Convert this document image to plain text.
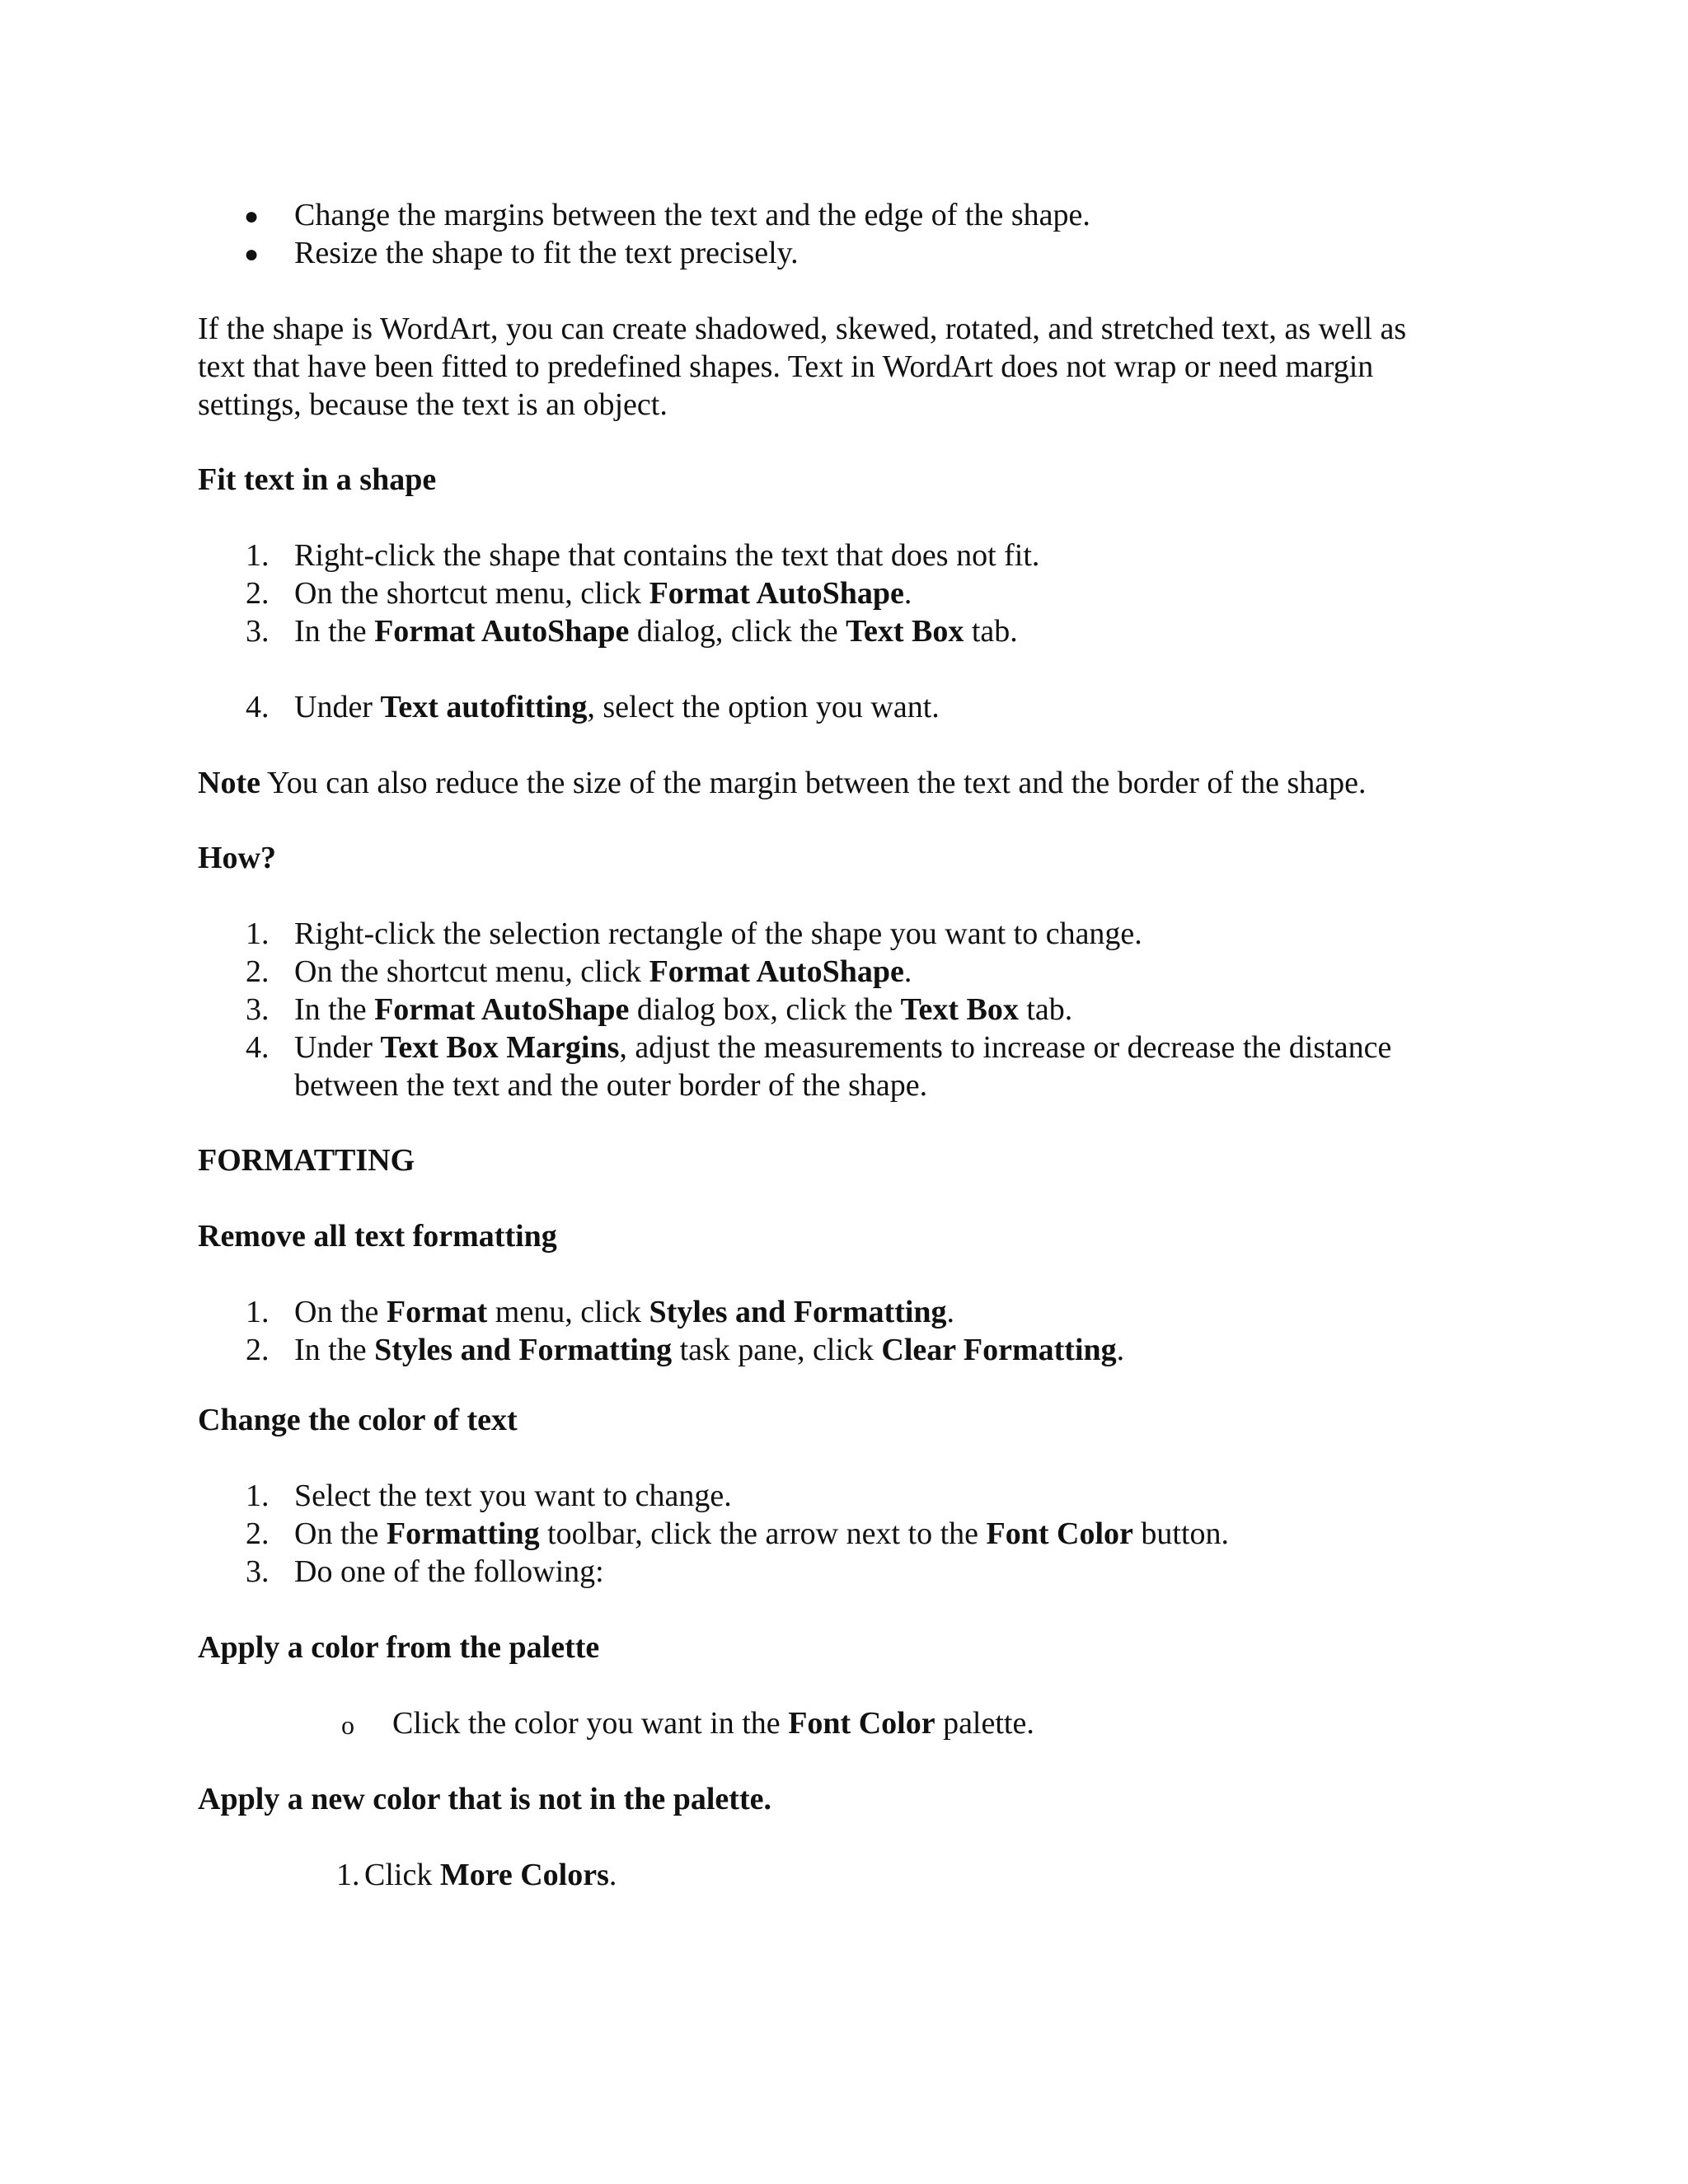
● Change the margins between the text and the edge of the shape.
● Resize the shape to fit the text precisely.
If the shape is WordArt, you can create shadowed, skewed, rotated, and stretched text, as well as
text that have been fitted to predefined shapes. Text in WordArt does not wrap or need margin
settings, because the text is an object.
Fit text in a shape
1. Right-click the shape that contains the text that does not fit.
2. On the shortcut menu, click Format AutoShape.
3. In the Format AutoShape dialog, click the Text Box tab.
4. Under Text autofitting, select the option you want.
Note You can also reduce the size of the margin between the text and the border of the shape.
How?
1. Right-click the selection rectangle of the shape you want to change.
2. On the shortcut menu, click Format AutoShape.
3. In the Format AutoShape dialog box, click the Text Box tab.
4. Under Text Box Margins, adjust the measurements to increase or decrease the distance
between the text and the outer border of the shape.
FORMATTING
Remove all text formatting
1. On the Format menu, click Styles and Formatting.
2. In the Styles and Formatting task pane, click Clear Formatting.
Change the color of text
1. Select the text you want to change.
2. On the Formatting toolbar, click the arrow next to the Font Color button.
3. Do one of the following:
Apply a color from the palette
o Click the color you want in the Font Color palette.
Apply a new color that is not in the palette.
1. Click More Colors.
